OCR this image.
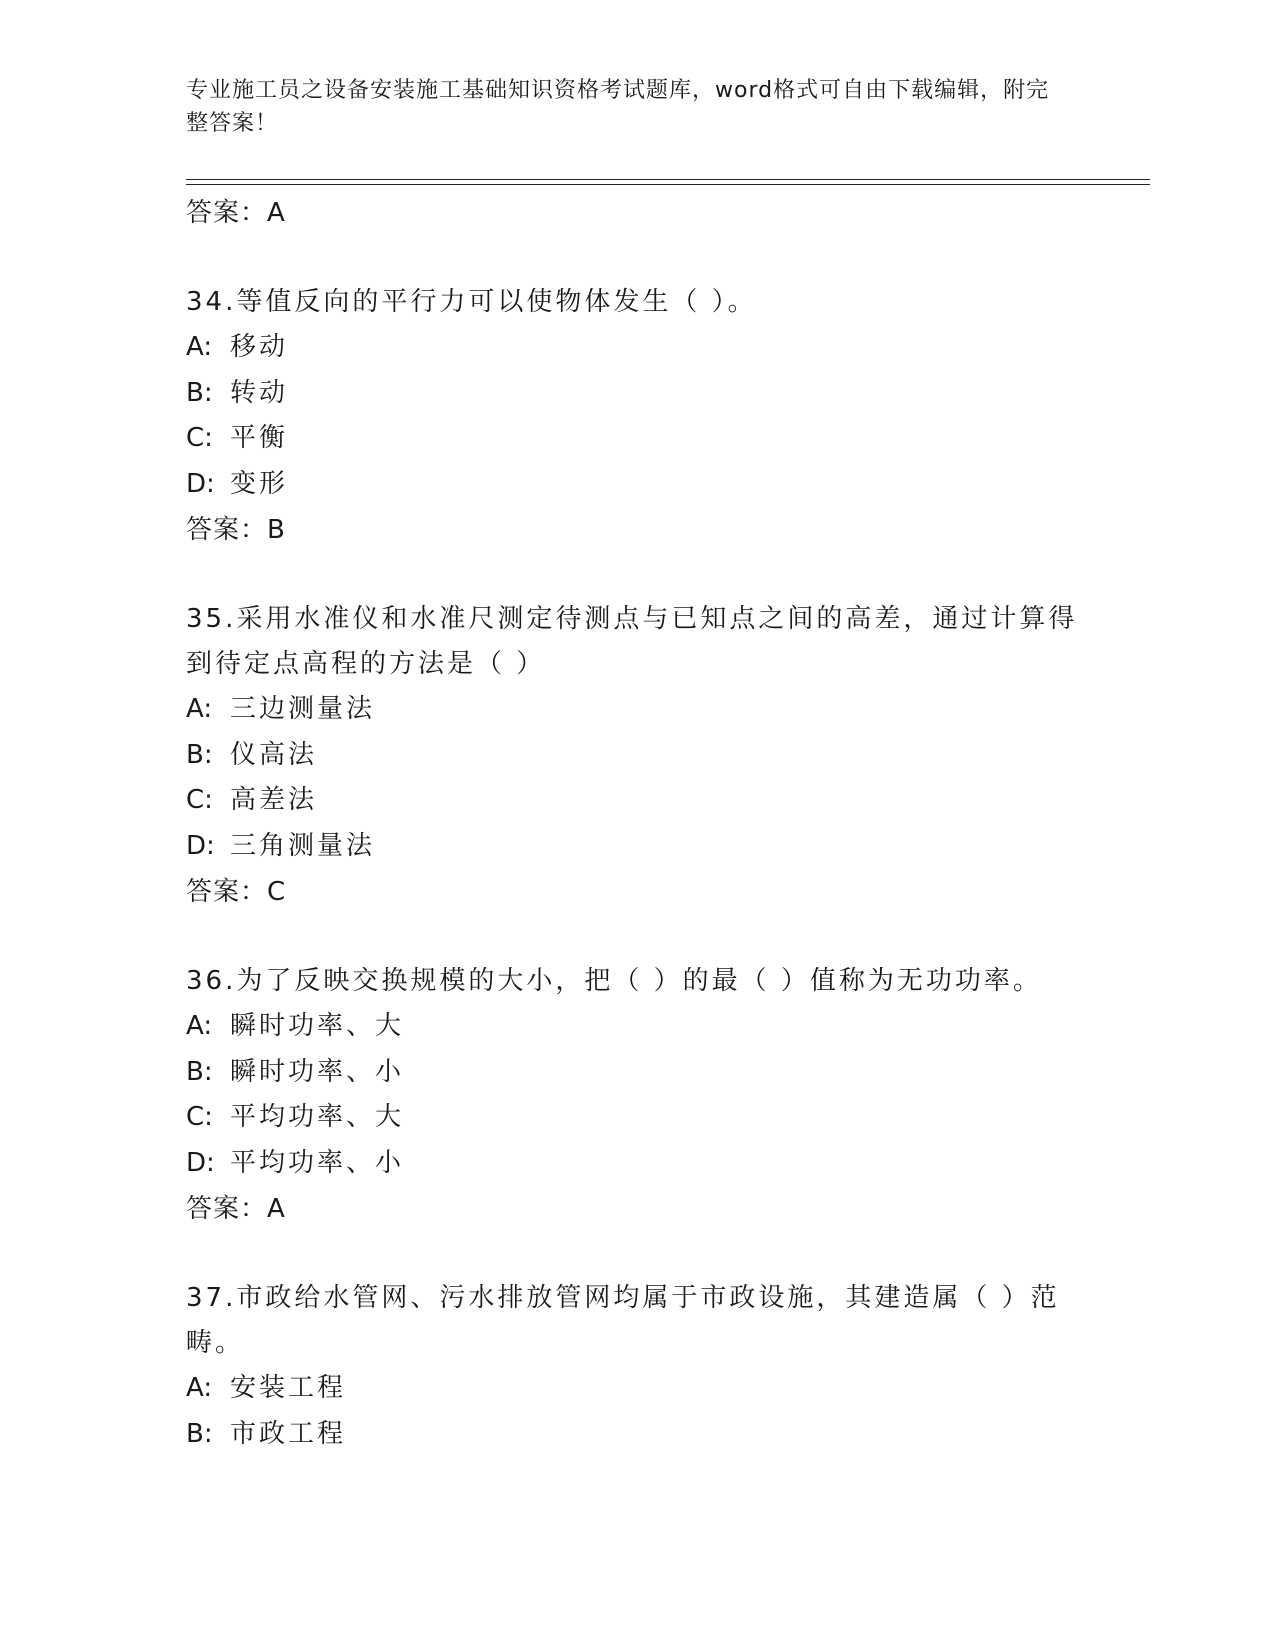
专业施工员之设备安装施工基础知识资格考试题库，word格式可自由下载编辑，附完整答案！
答案：A
34.等值反向的平行力可以使物体发生（ ）。
A: 移动
B: 转动
C: 平衡
D: 变形
答案：B
35.采用水准仪和水准尺测定待测点与已知点之间的高差，通过计算得到待定点高程的方法是（ ）
A: 三边测量法
B: 仪高法
C: 高差法
D: 三角测量法
答案：C
36.为了反映交换规模的大小，把（ ）的最（ ）值称为无功功率。
A: 瞬时功率、大
B: 瞬时功率、小
C: 平均功率、大
D: 平均功率、小
答案：A
37.市政给水管网、污水排放管网均属于市政设施，其建造属（ ）范畴。
A: 安装工程
B: 市政工程
